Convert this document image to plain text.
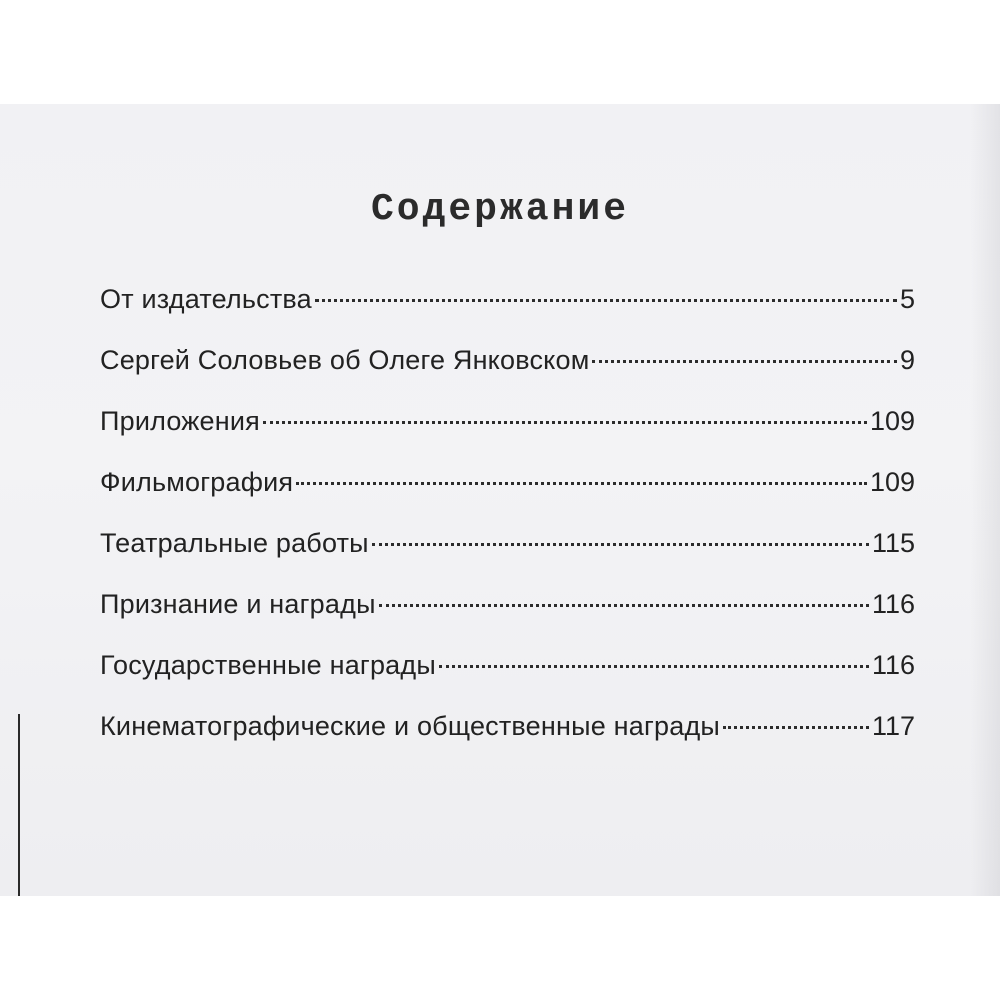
Содержание
От издательства	5
Сергей Соловьев об Олеге Янковском	9
Приложения	109
Фильмография	109
Театральные работы	115
Признание и награды	116
Государственные награды	116
Кинематографические и общественные награды	117
